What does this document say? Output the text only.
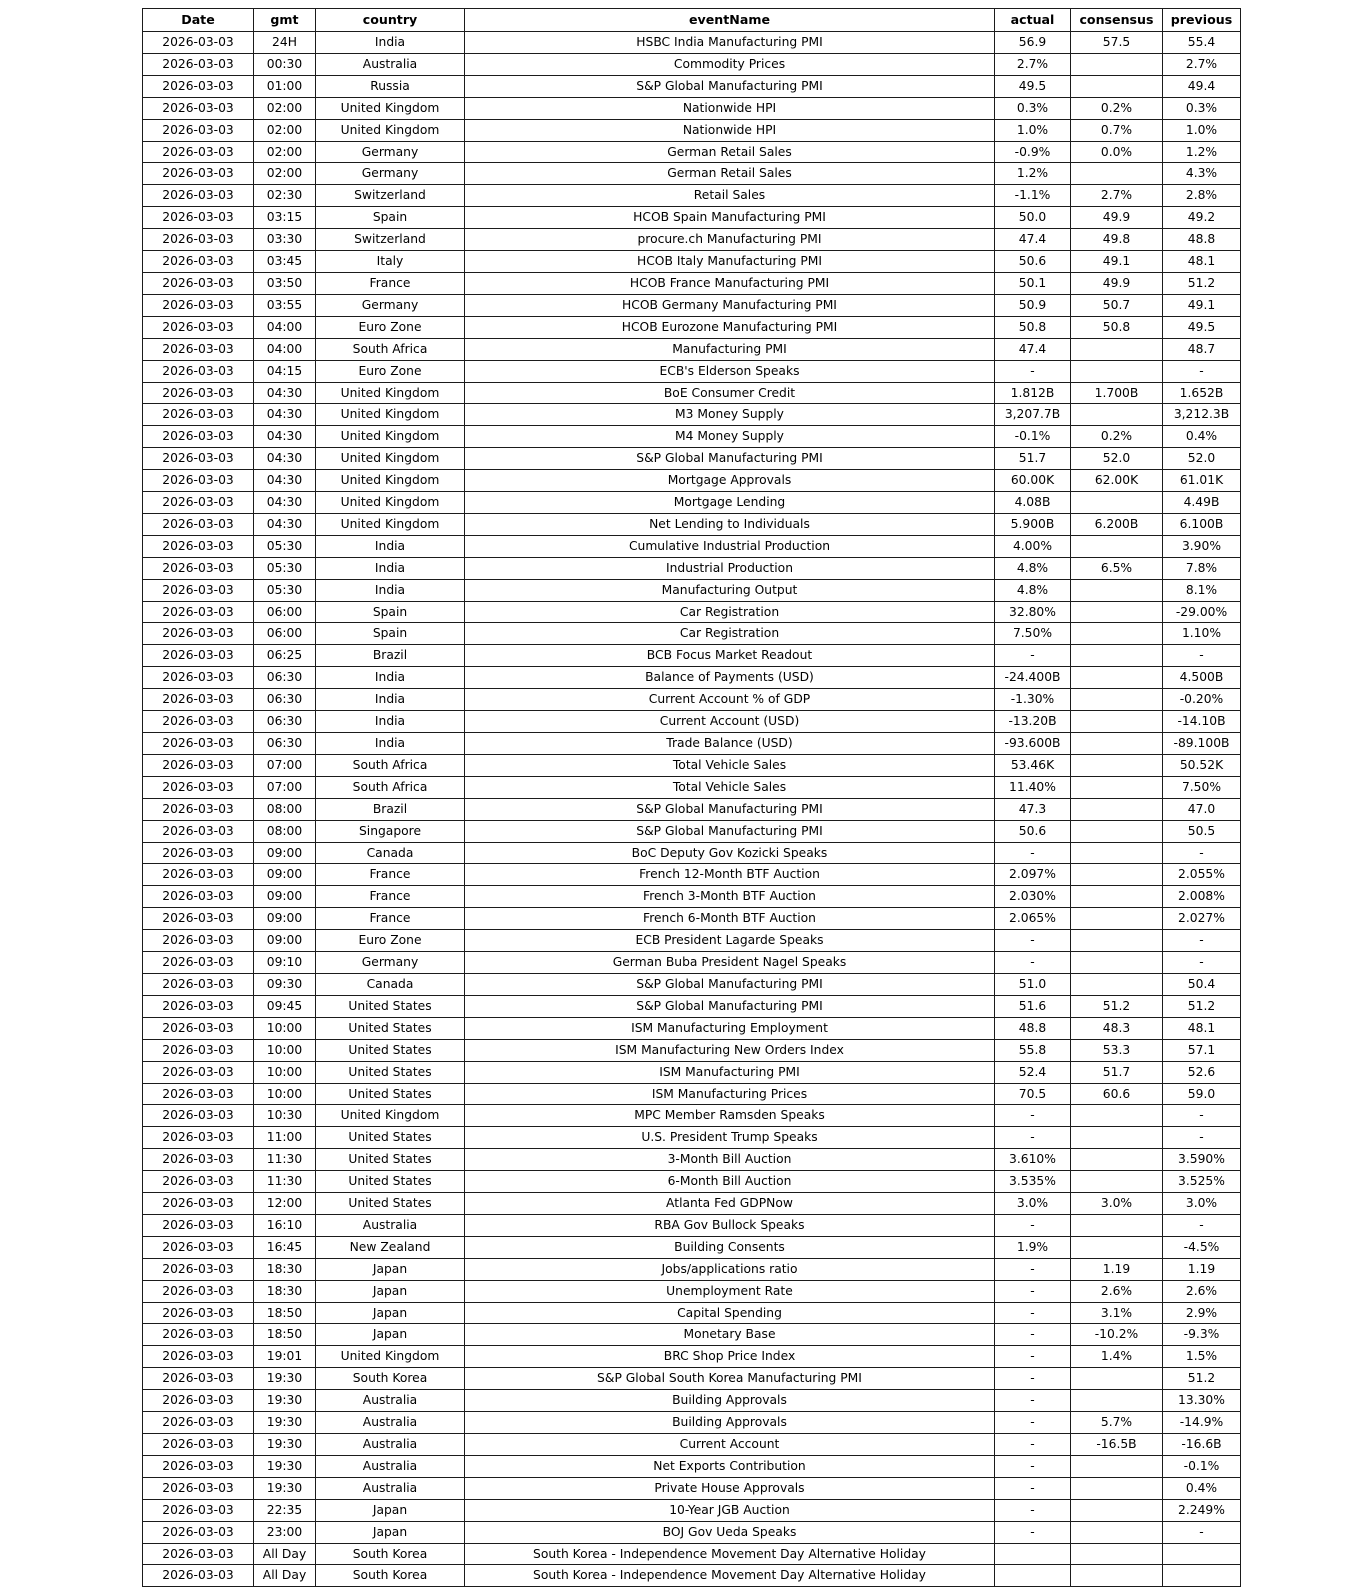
Date	gmt	country	eventName	actual	consensus	previous
2026-03-03	24H	India	HSBC India Manufacturing PMI	56.9	57.5	55.4
2026-03-03	00:30	Australia	Commodity Prices	2.7%		2.7%
2026-03-03	01:00	Russia	S&P Global Manufacturing PMI	49.5		49.4
2026-03-03	02:00	United Kingdom	Nationwide HPI	0.3%	0.2%	0.3%
2026-03-03	02:00	United Kingdom	Nationwide HPI	1.0%	0.7%	1.0%
2026-03-03	02:00	Germany	German Retail Sales	-0.9%	0.0%	1.2%
2026-03-03	02:00	Germany	German Retail Sales	1.2%		4.3%
2026-03-03	02:30	Switzerland	Retail Sales	-1.1%	2.7%	2.8%
2026-03-03	03:15	Spain	HCOB Spain Manufacturing PMI	50.0	49.9	49.2
2026-03-03	03:30	Switzerland	procure.ch Manufacturing PMI	47.4	49.8	48.8
2026-03-03	03:45	Italy	HCOB Italy Manufacturing PMI	50.6	49.1	48.1
2026-03-03	03:50	France	HCOB France Manufacturing PMI	50.1	49.9	51.2
2026-03-03	03:55	Germany	HCOB Germany Manufacturing PMI	50.9	50.7	49.1
2026-03-03	04:00	Euro Zone	HCOB Eurozone Manufacturing PMI	50.8	50.8	49.5
2026-03-03	04:00	South Africa	Manufacturing PMI	47.4		48.7
2026-03-03	04:15	Euro Zone	ECB's Elderson Speaks	-		-
2026-03-03	04:30	United Kingdom	BoE Consumer Credit	1.812B	1.700B	1.652B
2026-03-03	04:30	United Kingdom	M3 Money Supply	3,207.7B		3,212.3B
2026-03-03	04:30	United Kingdom	M4 Money Supply	-0.1%	0.2%	0.4%
2026-03-03	04:30	United Kingdom	S&P Global Manufacturing PMI	51.7	52.0	52.0
2026-03-03	04:30	United Kingdom	Mortgage Approvals	60.00K	62.00K	61.01K
2026-03-03	04:30	United Kingdom	Mortgage Lending	4.08B		4.49B
2026-03-03	04:30	United Kingdom	Net Lending to Individuals	5.900B	6.200B	6.100B
2026-03-03	05:30	India	Cumulative Industrial Production	4.00%		3.90%
2026-03-03	05:30	India	Industrial Production	4.8%	6.5%	7.8%
2026-03-03	05:30	India	Manufacturing Output	4.8%		8.1%
2026-03-03	06:00	Spain	Car Registration	32.80%		-29.00%
2026-03-03	06:00	Spain	Car Registration	7.50%		1.10%
2026-03-03	06:25	Brazil	BCB Focus Market Readout	-		-
2026-03-03	06:30	India	Balance of Payments (USD)	-24.400B		4.500B
2026-03-03	06:30	India	Current Account % of GDP	-1.30%		-0.20%
2026-03-03	06:30	India	Current Account (USD)	-13.20B		-14.10B
2026-03-03	06:30	India	Trade Balance (USD)	-93.600B		-89.100B
2026-03-03	07:00	South Africa	Total Vehicle Sales	53.46K		50.52K
2026-03-03	07:00	South Africa	Total Vehicle Sales	11.40%		7.50%
2026-03-03	08:00	Brazil	S&P Global Manufacturing PMI	47.3		47.0
2026-03-03	08:00	Singapore	S&P Global Manufacturing PMI	50.6		50.5
2026-03-03	09:00	Canada	BoC Deputy Gov Kozicki Speaks	-		-
2026-03-03	09:00	France	French 12-Month BTF Auction	2.097%		2.055%
2026-03-03	09:00	France	French 3-Month BTF Auction	2.030%		2.008%
2026-03-03	09:00	France	French 6-Month BTF Auction	2.065%		2.027%
2026-03-03	09:00	Euro Zone	ECB President Lagarde Speaks	-		-
2026-03-03	09:10	Germany	German Buba President Nagel Speaks	-		-
2026-03-03	09:30	Canada	S&P Global Manufacturing PMI	51.0		50.4
2026-03-03	09:45	United States	S&P Global Manufacturing PMI	51.6	51.2	51.2
2026-03-03	10:00	United States	ISM Manufacturing Employment	48.8	48.3	48.1
2026-03-03	10:00	United States	ISM Manufacturing New Orders Index	55.8	53.3	57.1
2026-03-03	10:00	United States	ISM Manufacturing PMI	52.4	51.7	52.6
2026-03-03	10:00	United States	ISM Manufacturing Prices	70.5	60.6	59.0
2026-03-03	10:30	United Kingdom	MPC Member Ramsden Speaks	-		-
2026-03-03	11:00	United States	U.S. President Trump Speaks	-		-
2026-03-03	11:30	United States	3-Month Bill Auction	3.610%		3.590%
2026-03-03	11:30	United States	6-Month Bill Auction	3.535%		3.525%
2026-03-03	12:00	United States	Atlanta Fed GDPNow	3.0%	3.0%	3.0%
2026-03-03	16:10	Australia	RBA Gov Bullock Speaks	-		-
2026-03-03	16:45	New Zealand	Building Consents	1.9%		-4.5%
2026-03-03	18:30	Japan	Jobs/applications ratio	-	1.19	1.19
2026-03-03	18:30	Japan	Unemployment Rate	-	2.6%	2.6%
2026-03-03	18:50	Japan	Capital Spending	-	3.1%	2.9%
2026-03-03	18:50	Japan	Monetary Base	-	-10.2%	-9.3%
2026-03-03	19:01	United Kingdom	BRC Shop Price Index	-	1.4%	1.5%
2026-03-03	19:30	South Korea	S&P Global South Korea Manufacturing PMI	-		51.2
2026-03-03	19:30	Australia	Building Approvals	-		13.30%
2026-03-03	19:30	Australia	Building Approvals	-	5.7%	-14.9%
2026-03-03	19:30	Australia	Current Account	-	-16.5B	-16.6B
2026-03-03	19:30	Australia	Net Exports Contribution	-		-0.1%
2026-03-03	19:30	Australia	Private House Approvals	-		0.4%
2026-03-03	22:35	Japan	10-Year JGB Auction	-		2.249%
2026-03-03	23:00	Japan	BOJ Gov Ueda Speaks	-		-
2026-03-03	All Day	South Korea	South Korea - Independence Movement Day Alternative Holiday			
2026-03-03	All Day	South Korea	South Korea - Independence Movement Day Alternative Holiday			
